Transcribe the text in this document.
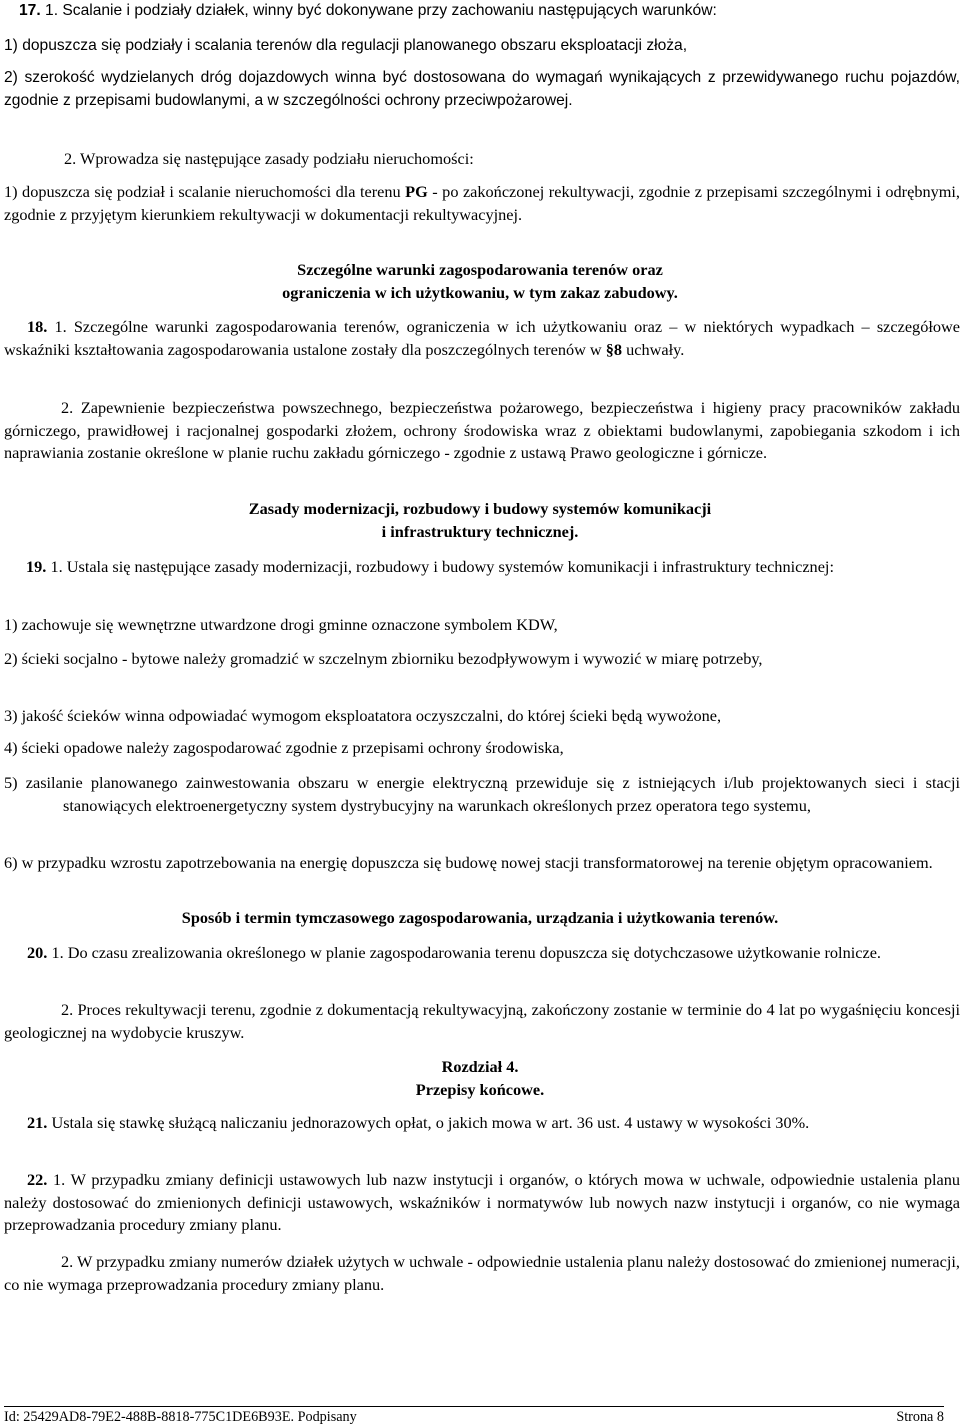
17. 1. Scalanie i podziały działek, winny być dokonywane przy zachowaniu następujących warunków:

1) dopuszcza się podziały i scalania terenów dla regulacji planowanego obszaru eksploatacji złoża,

2) szerokość wydzielanych dróg dojazdowych winna być dostosowana do wymagań wynikających z przewidywanego ruchu pojazdów, zgodnie z przepisami budowlanymi, a w szczególności ochrony przeciwpożarowej.

2. Wprowadza się następujące zasady podziału nieruchomości:

1) dopuszcza się podział i scalanie nieruchomości dla terenu PG - po zakończonej rekultywacji, zgodnie z przepisami szczególnymi i odrębnymi, zgodnie z przyjętym kierunkiem rekultywacji w dokumentacji rekultywacyjnej.

Szczególne warunki zagospodarowania terenów oraz
ograniczenia w ich użytkowaniu, w tym zakaz zabudowy.

18. 1. Szczególne warunki zagospodarowania terenów, ograniczenia w ich użytkowaniu oraz – w niektórych wypadkach – szczegółowe wskaźniki kształtowania zagospodarowania ustalone zostały dla poszczególnych terenów w §8 uchwały.

2. Zapewnienie bezpieczeństwa powszechnego, bezpieczeństwa pożarowego, bezpieczeństwa i higieny pracy pracowników zakładu górniczego, prawidłowej i racjonalnej gospodarki złożem, ochrony środowiska wraz z obiektami budowlanymi, zapobiegania szkodom i ich naprawiania zostanie określone w planie ruchu zakładu górniczego - zgodnie z ustawą Prawo geologiczne i górnicze.

Zasady modernizacji, rozbudowy i budowy systemów komunikacji
i infrastruktury technicznej.

19. 1. Ustala się następujące zasady modernizacji, rozbudowy i budowy systemów komunikacji i infrastruktury technicznej:

1) zachowuje się wewnętrzne utwardzone drogi gminne oznaczone symbolem KDW,

2) ścieki socjalno - bytowe należy gromadzić w szczelnym zbiorniku bezodpływowym i wywozić w miarę potrzeby,

3) jakość ścieków winna odpowiadać wymogom eksploatatora oczyszczalni, do której ścieki będą wywożone,

4) ścieki opadowe należy zagospodarować zgodnie z przepisami ochrony środowiska,

5) zasilanie planowanego zainwestowania obszaru w energie elektryczną przewiduje się z istniejących i/lub projektowanych sieci i stacji stanowiących elektroenergetyczny system dystrybucyjny na warunkach określonych przez operatora tego systemu,

6) w przypadku wzrostu zapotrzebowania na energię dopuszcza się budowę nowej stacji transformatorowej na terenie objętym opracowaniem.

Sposób i termin tymczasowego zagospodarowania, urządzania i użytkowania terenów.

20. 1. Do czasu zrealizowania określonego w planie zagospodarowania terenu dopuszcza się dotychczasowe użytkowanie rolnicze.

2. Proces rekultywacji terenu, zgodnie z dokumentacją rekultywacyjną, zakończony zostanie w terminie do 4 lat po wygaśnięciu koncesji geologicznej na wydobycie kruszyw.

Rozdział 4.
Przepisy końcowe.

21. Ustala się stawkę służącą naliczaniu jednorazowych opłat, o jakich mowa w art. 36 ust. 4 ustawy w wysokości 30%.

22. 1. W przypadku zmiany definicji ustawowych lub nazw instytucji i organów, o których mowa w uchwale, odpowiednie ustalenia planu należy dostosować do zmienionych definicji ustawowych, wskaźników i normatywów lub nowych nazw instytucji i organów, co nie wymaga przeprowadzania procedury zmiany planu.

2. W przypadku zmiany numerów działek użytych w uchwale - odpowiednie ustalenia planu należy dostosować do zmienionej numeracji, co nie wymaga przeprowadzania procedury zmiany planu.

Id: 25429AD8-79E2-488B-8818-775C1DE6B93E. Podpisany	Strona 8
